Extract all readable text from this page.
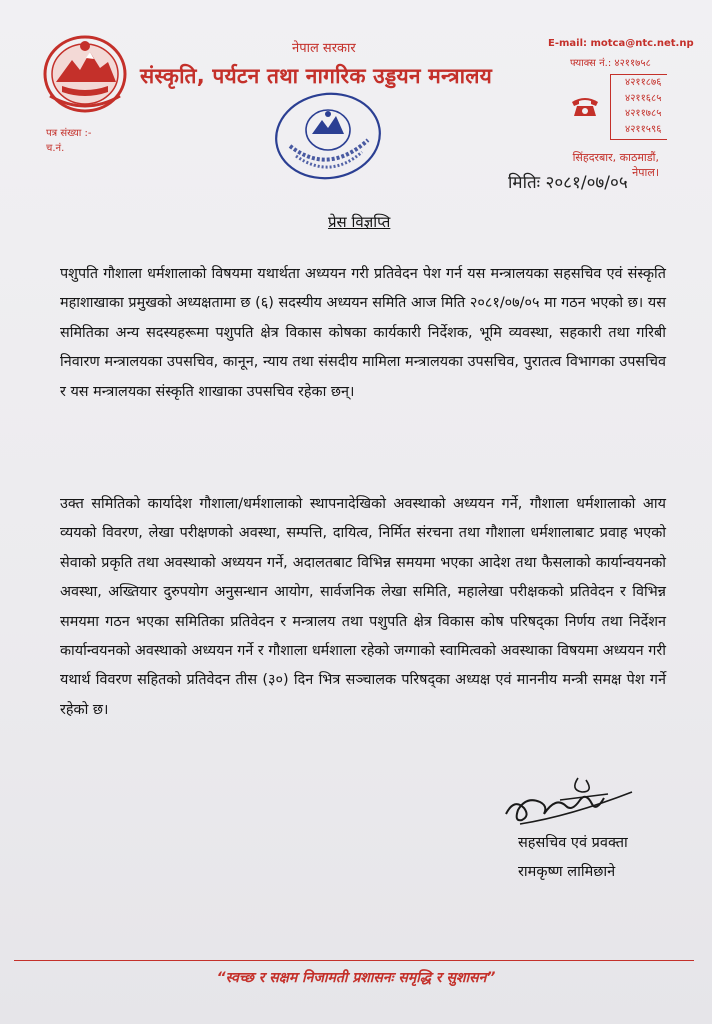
नेपाल सरकार
संस्कृति, पर्यटन तथा नागरिक उड्डयन मन्त्रालय
E-mail: motca@ntc.net.np
फ्याक्स नं.: ४२११७५८
४२११८७६
४२११६८५
४२११७८५
४२११५९६
सिंहदरबार, काठमाडौं,
नेपाल।
पत्र संख्या :-
च.नं.
मितिः २०८१/०७/०५
प्रेस विज्ञप्ति
पशुपति गौशाला धर्मशालाको विषयमा यथार्थता अध्ययन गरी प्रतिवेदन पेश गर्न यस मन्त्रालयका सहसचिव एवं संस्कृति महाशाखाका प्रमुखको अध्यक्षतामा छ (६) सदस्यीय अध्ययन समिति आज मिति २०८१/०७/०५ मा गठन भएको छ। यस समितिका अन्य सदस्यहरूमा पशुपति क्षेत्र विकास कोषका कार्यकारी निर्देशक, भूमि व्यवस्था, सहकारी तथा गरिबी निवारण मन्त्रालयका उपसचिव, कानून, न्याय तथा संसदीय मामिला मन्त्रालयका उपसचिव, पुरातत्व विभागका उपसचिव र यस मन्त्रालयका संस्कृति शाखाका उपसचिव रहेका छन्।
उक्त समितिको कार्यादेश गौशाला/धर्मशालाको स्थापनादेखिको अवस्थाको अध्ययन गर्ने, गौशाला धर्मशालाको आय व्ययको विवरण, लेखा परीक्षणको अवस्था, सम्पत्ति, दायित्व, निर्मित संरचना तथा गौशाला धर्मशालाबाट प्रवाह भएको सेवाको प्रकृति तथा अवस्थाको अध्ययन गर्ने, अदालतबाट विभिन्न समयमा भएका आदेश तथा फैसलाको कार्यान्वयनको अवस्था, अख्तियार दुरुपयोग अनुसन्धान आयोग, सार्वजनिक लेखा समिति, महालेखा परीक्षकको प्रतिवेदन र विभिन्न समयमा गठन भएका समितिका प्रतिवेदन र मन्त्रालय तथा पशुपति क्षेत्र विकास कोष परिषद्का निर्णय तथा निर्देशन कार्यान्वयनको अवस्थाको अध्ययन गर्ने र गौशाला धर्मशाला रहेको जग्गाको स्वामित्वको अवस्थाका विषयमा अध्ययन गरी यथार्थ विवरण सहितको प्रतिवेदन तीस (३०) दिन भित्र सञ्चालक परिषद्का अध्यक्ष एवं माननीय मन्त्री समक्ष पेश गर्ने रहेको छ।
सहसचिव एवं प्रवक्ता
रामकृष्ण लामिछाने
“स्वच्छ र सक्षम निजामती प्रशासनः समृद्धि र सुशासन”
